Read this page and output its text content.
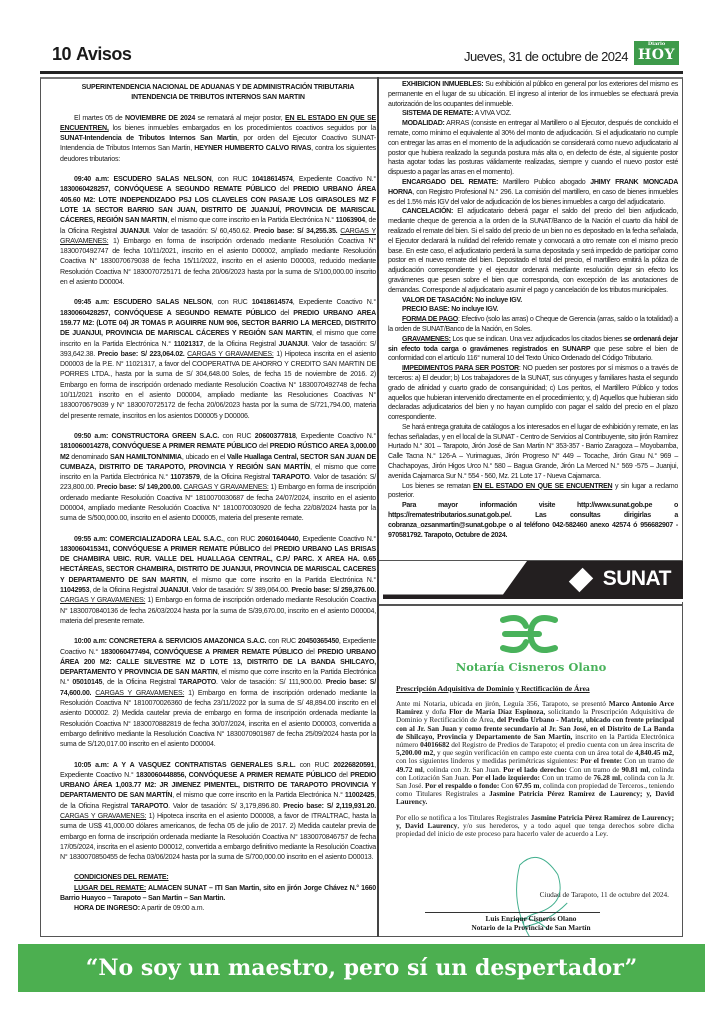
10 Avisos	Jueves, 31 de octubre de 2024
Diario
HOY

SUPERINTENDENCIA NACIONAL DE ADUANAS Y DE ADMINISTRACIÓN TRIBUTARIA
INTENDENCIA DE TRIBUTOS INTERNOS SAN MARTIN

El martes 05 de NOVIEMBRE DE 2024 se rematará al mejor postor, EN EL ESTADO EN QUE SE ENCUENTREN, los bienes inmuebles embargados en los procedimientos coactivos seguidos por la SUNAT-Intendencia de Tributos Internos San Martin, por orden del Ejecutor Coactivo SUNAT- Intendencia de Tributos Internos San Martin, HEYNER HUMBERTO CALVO RIVAS, contra los siguientes deudores tributarios:

09:40 a.m: ESCUDERO SALAS NELSON, con RUC 10418614574, Expediente Coactivo N.° 1830060428257, CONVÓQUESE A SEGUNDO REMATE PÚBLICO del PREDIO URBANO ÁREA 405.60 M2: LOTE INDEPENDIZADO PSJ LOS CLAVELES CON PASAJE LOS GIRASOLES MZ F LOTE 1A SECTOR BARRIO SAN JUAN, DISTRITO DE JUANJUÍ, PROVINCIA DE MARISCAL CÁCERES, REGIÓN SAN MARTIN, el mismo que corre inscrito en la Partida Electrónica N.° 11063904, de la Oficina Registral JUANJUI. Valor de tasación: S/ 60,450.62. Precio base: S/ 34,255.35. CARGAS Y GRAVAMENES: 1) Embargo en forma de inscripción ordenado mediante Resolución Coactiva N° 1830070492747 de fecha 10/11/2021, inscrito en el asiento D00002, ampliado mediante Resolución Coactiva N° 1830070679038 de fecha 15/11/2022, inscrito en el asiento D00003, reducido mediante Resolución Coactiva N° 1830070725171 de fecha 20/06/2023 hasta por la suma de S/100,000.00 inscrito en el asiento D00004.

09:45 a.m: ESCUDERO SALAS NELSON, con RUC 10418614574, Expediente Coactivo N.° 1830060428257, CONVÓQUESE A SEGUNDO REMATE PÚBLICO del PREDIO URBANO AREA 159.77 M2: (LOTE 04) JR TOMAS P. AGUIRRE NUM 906, SECTOR BARRIO LA MERCED, DISTRITO DE JUANJUI, PROVINCIA DE MARISCAL CÁCERES Y REGIÓN SAN MARTIN, el mismo que corre inscrito en la Partida Electrónica N.° 11021317, de la Oficina Registral JUANJUI. Valor de tasación: S/ 393,642.38. Precio base: S/ 223,064.02. CARGAS Y GRAVAMENES: 1) Hipoteca inscrita en el asiento D00003 de la P.E. N° 11021317, a favor del COOPERATIVA DE AHORRO Y CREDITO SAN MARTIN DE PORRES LTDA., hasta por la suma de S/ 304,648.00 Soles, de fecha 15 de noviembre de 2016. 2) Embargo en forma de inscripción ordenado mediante Resolución Coactiva N° 1830070492748 de fecha 10/11/2021 inscrito en el asiento D00004, ampliado mediante las Resoluciones Coactivas N° 1830070679039 y N° 1830070725172 de fecha 20/06/2023 hasta por la suma de S/721,794.00, materia del presente remate, inscritos en los asientos D00005 y D00006.

09:50 a.m: CONSTRUCTORA GREEN S.A.C. con RUC 20600377818, Expediente Coactivo N.° 1810060014278, CONVÓQUESE A PRIMER REMATE PÚBLICO del PREDIO RÚSTICO AREA 3,000.00 M2 denominado SAN HAMILTON/NIMIA, ubicado en el Valle Huallaga Central, SECTOR SAN JUAN DE CUMBAZA, DISTRITO DE TARAPOTO, PROVINCIA Y REGIÓN SAN MARTÍN, el mismo que corre inscrito en la Partida Electrónica N.° 11073579, de la Oficina Registral TARAPOTO. Valor de tasación: S/ 223,800.00. Precio base: S/ 149,200.00. CARGAS Y GRAVAMENES: 1) Embargo en forma de inscripción ordenado mediante Resolución Coactiva N° 1810070030687 de fecha 24/07/2024, inscrito en el asiento D00004, ampliado mediante Resolución Coactiva N° 1810070030920 de fecha 22/08/2024 hasta por la suma de S/500,000.00, inscrito en el asiento D00005, materia del presente remate.

09:55 a.m: COMERCIALIZADORA LEAL S.A.C., con RUC 20601640440, Expediente Coactivo N.° 1830060415341, CONVÓQUESE A PRIMER REMATE PÚBLICO del PREDIO URBANO LAS BRISAS DE CHAMBIRA UBIC. RUR. VALLE DEL HUALLAGA CENTRAL, C.P./ PARC. X AREA HA. 0.65 HECTÁREAS, SECTOR CHAMBIRA, DISTRITO DE JUANJUI, PROVINCIA DE MARISCAL CACERES Y DEPARTAMENTO DE SAN MARTIN, el mismo que corre inscrito en la Partida Electrónica N.° 11042953, de la Oficina Registral JUANJUI. Valor de tasación: S/ 389,064.00. Precio base: S/ 259,376.00. CARGAS Y GRAVAMENES: 1) Embargo en forma de inscripción ordenado mediante Resolución Coactiva N° 1830070840136 de fecha 26/03/2024 hasta por la suma de S/39,670.00, inscrito en el asiento D00004, materia del presente remate.

10:00 a.m: CONCRETERA & SERVICIOS AMAZONICA S.A.C. con RUC 20450365450, Expediente Coactivo N.° 1830060477494, CONVÓQUESE A PRIMER REMATE PÚBLICO del PREDIO URBANO ÁREA 200 M2: CALLE SILVESTRE MZ D LOTE 13, DISTRITO DE LA BANDA SHILCAYO, DEPARTAMENTO Y PROVINCIA DE SAN MARTIN, el mismo que corre inscrito en la Partida Electrónica N.° 05010145, de la Oficina Registral TARAPOTO. Valor de tasación: S/ 111,900.00. Precio base: S/ 74,600.00. CARGAS Y GRAVAMENES: 1) Embargo en forma de inscripción ordenado mediante la Resolución Coactiva N° 1810070026360 de fecha 23/11/2022 por la suma de S/ 48,894.00 inscrito en el asiento D00002. 2) Medida cautelar previa de embargo en forma de inscripción ordenada mediante la Resolución Coactiva N° 1830070882819 de fecha 30/07/2024, inscrita en el asiento D00003, convertida a embargo definitivo mediante la Resolución Coactiva N° 1830070901987 de fecha 25/09/2024 hasta por la suma de S/120,017.00 inscrito en el asiento D00004.

10:05 a.m: A Y A VASQUEZ CONTRATISTAS GENERALES S.R.L. con RUC 20226820591, Expediente Coactivo N.° 1830060448856, CONVÓQUESE A PRIMER REMATE PÚBLICO del PREDIO URBANO ÁREA 1,003.77 M2: JR JIMENEZ PIMENTEL, DISTRITO DE TARAPOTO PROVINCIA Y DEPARTAMENTO DE SAN MARTÍN, el mismo que corre inscrito en la Partida Electrónica N.° 11002425, de la Oficina Registral TARAPOTO. Valor de tasación: S/ 3,179,896.80. Precio base: S/ 2,119,931.20. CARGAS Y GRAVAMENES: 1) Hipoteca inscrita en el asiento D00008, a favor de ITRALTRAC, hasta la suma de US$ 41,000.00 dólares americanos, de fecha 05 de julio de 2017. 2) Medida cautelar previa de embargo en forma de inscripción ordenada mediante la Resolución Coactiva N° 1830070846757 de fecha 17/05/2024, inscrita en el asiento D00012, convertida a embargo definitivo mediante la Resolución Coactiva N° 1830070850455 de fecha 03/06/2024 hasta por la suma de S/700,000.00 inscrito en el asiento D00013.

CONDICIONES DEL REMATE:

LUGAR DEL REMATE: ALMACEN SUNAT – ITI San Martin, sito en jirón Jorge Chávez N.° 1660 Barrio Huayco – Tarapoto – San Martin – San Martin.

HORA DE INGRESO: A partir de 09:00 a.m.

EXHIBICION INMUEBLES: Su exhibición al público en general por los exteriores del mismo es permanente en el lugar de su ubicación. El ingreso al interior de los inmuebles se efectuará previa autorización de los ocupantes del inmueble.

SISTEMA DE REMATE: A VIVA VOZ.

MODALIDAD: ARRAS (consiste en entregar al Martillero o al Ejecutor, después de concluido el remate, como mínimo el equivalente al 30% del monto de adjudicación. Si el adjudicatario no cumple con entregar las arras en el momento de la adjudicación se considerará como nuevo adjudicatario al postor que hubiera realizado la segunda postura más alta o, en defecto de éste, al siguiente postor hasta agotar todas las posturas válidamente realizadas, siempre y cuando el nuevo postor esté dispuesto a pagar las arras en el momento).

ENCARGADO DEL REMATE: Martillero Publico abogado JHIMY FRANK MONCADA HORNA, con Registro Profesional N.° 296. La comisión del martillero, en caso de bienes inmuebles es del 1.5% más IGV del valor de adjudicación de los bienes inmuebles a cargo del adjudicatario.

CANCELACIÓN: El adjudicatario deberá pagar el saldo del precio del bien adjudicado, mediante cheque de gerencia a la orden de la SUNAT/Banco de la Nación el cuarto día hábil de realizado el remate del bien. Si el saldo del precio de un bien no es depositado en la fecha señalada, el Ejecutor declarará la nulidad del referido remate y convocará a otro remate con el mismo precio base. En este caso, el adjudicatario perderá la suma depositada y será impedido de participar como postor en el nuevo remate del bien. Depositado el total del precio, el martillero emitirá la póliza de adjudicación correspondiente y el ejecutor ordenará mediante resolución dejar sin efecto los gravámenes que pesen sobre el bien que corresponda, con excepción de las anotaciones de demandas. Corresponde al adjudicatario asumir el pago y cancelación de los tributos municipales.

VALOR DE TASACIÓN: No incluye IGV.

PRECIO BASE: No incluye IGV.

FORMA DE PAGO: Efectivo (solo las arras) o Cheque de Gerencia (arras, saldo o la totalidad) a la orden de SUNAT/Banco de la Nación, en Soles.

GRAVAMENES: Los que se indican. Una vez adjudicados los citados bienes se ordenará dejar sin efecto toda carga o gravámenes registrados en SUNARP que pese sobre el bien de conformidad con el artículo 116° numeral 10 del Texto Único Ordenado del Código Tributario.

IMPEDIMENTOS PARA SER POSTOR: NO pueden ser postores por sí mismos o a través de terceros: a) El deudor; b) Los trabajadores de la SUNAT, sus cónyuges y familiares hasta el segundo grado de afinidad y cuarto grado de consanguinidad; c) Los peritos, el Martillero Público y todos aquellos que hubieran intervenido directamente en el procedimiento; y, d) Aquellos que hubieran sido declaradas adjudicatarios del bien y no hayan cumplido con pagar el saldo del precio en el plazo correspondiente.

Se hará entrega gratuita de catálogos a los interesados en el lugar de exhibición y remate, en las fechas señaladas, y en el local de la SUNAT - Centro de Servicios al Contribuyente, sito jirón Ramírez Hurtado N.° 301 – Tarapoto, Jirón José de San Martin N° 353-357 - Barrio Zaragoza – Moyobamba, Calle Tacna N.° 126-A – Yurimaguas, Jirón Progreso N° 449 – Tocache, Jirón Grau N.° 969 – Chachapoyas, Jirón Higos Urco N.° 580 – Bagua Grande, Jirón La Merced N.° 569 -575 – Juanjui, avenida Cajamarca Sur N.° 554 - 560, Mz. 21 Lote 17 - Nueva Cajamarca.

Los bienes se rematan EN EL ESTADO EN QUE SE ENCUENTREN y sin lugar a reclamo posterior.

Para mayor información visite http://www.sunat.gob.pe o https://rematestributarios.sunat.gob.pe/. Las consultas dirigirlas a cobranza_ozsanmartin@sunat.gob.pe o al teléfono 042-582460 anexo 42574 ó 956682907 - 970581792. Tarapoto, Octubre de 2024.

SUNAT
Notaría Cisneros Olano
Prescripción Adquisitiva de Dominio y Rectificación de Área

Ante mi Notaria, ubicada en jirón, Leguía 356, Tarapoto, se presentó Marco Antonio Arce Ramírez y doña Flor de María Díaz Espinoza, solicitando la Prescripción Adquisitiva de Dominio y Rectificación de Área, del Predio Urbano - Matriz, ubicado con frente principal con al Jr. San Juan y como frente secundario al Jr. San José, en el Distrito de La Banda de Shilcayo, Provincia y Departamento de San Martín, inscrito en la Partida Electrónica número 04016682 del Registro de Predios de Tarapoto; el predio cuenta con un área inscrita de 5,200.00 m2, y que según verificación en campo este cuenta con un área total de 4,840.45 m2, con los siguientes linderos y medidas perimétricas siguientes: Por el frente: Con un tramo de 49.72 ml, colinda con Jr. San Juan. Por el lado derecho: Con un tramo de 90.81 ml, colinda con Lotización San Juan. Por el lado izquierdo: Con un tramo de 76.28 ml, colinda con la Jr. San José. Por el respaldo o fondo: Con 67.95 m, colinda con propiedad de Terceros., teniendo como Titulares Registrales a Jasmine Patricia Pérez Ramírez de Laurency; y, David Laurency.

Por ello se notifica a los Titulares Registrales Jasmine Patricia Pérez Ramírez de Laurency; y, David Laurency, y/o sus herederos, y a todo aquel que tenga derechos sobre dicha propiedad del inicio de este proceso para hacerlo valer de acuerdo a Ley.

Ciudad de Tarapoto, 11 de octubre del 2024.
Luis Enrique Cisneros Olano
Notario de la Provincia de San Martín
“No soy un maestro, pero sí un despertador”
